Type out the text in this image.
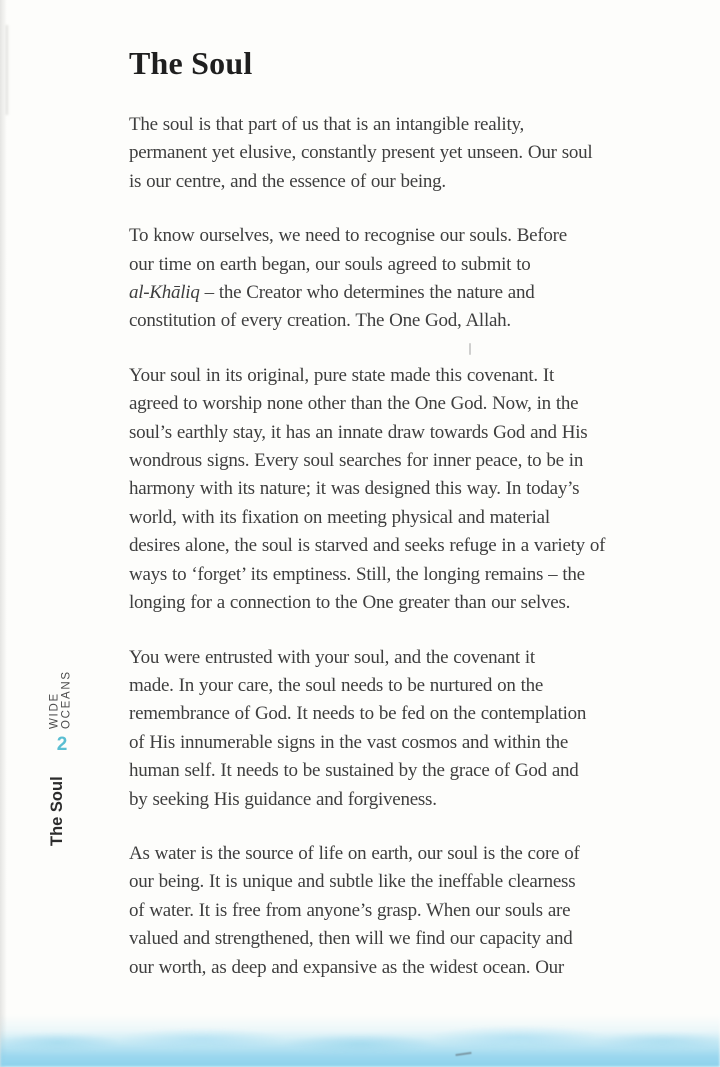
The Soul

The soul is that part of us that is an intangible reality,
permanent yet elusive, constantly present yet unseen. Our soul
is our centre, and the essence of our being.

To know ourselves, we need to recognise our souls. Before
our time on earth began, our souls agreed to submit to
al-Khāliq – the Creator who determines the nature and
constitution of every creation. The One God, Allah.

Your soul in its original, pure state made this covenant. It
agreed to worship none other than the One God. Now, in the
soul’s earthly stay, it has an innate draw towards God and His
wondrous signs. Every soul searches for inner peace, to be in
harmony with its nature; it was designed this way. In today’s
world, with its fixation on meeting physical and material
desires alone, the soul is starved and seeks refuge in a variety of
ways to ‘forget’ its emptiness. Still, the longing remains – the
longing for a connection to the One greater than our selves.

You were entrusted with your soul, and the covenant it
made. In your care, the soul needs to be nurtured on the
remembrance of God. It needs to be fed on the contemplation
of His innumerable signs in the vast cosmos and within the
human self. It needs to be sustained by the grace of God and
by seeking His guidance and forgiveness.

As water is the source of life on earth, our soul is the core of
our being. It is unique and subtle like the ineffable clearness
of water. It is free from anyone’s grasp. When our souls are
valued and strengthened, then will we find our capacity and
our worth, as deep and expansive as the widest ocean. Our

WIDE OCEANS
2
The Soul
